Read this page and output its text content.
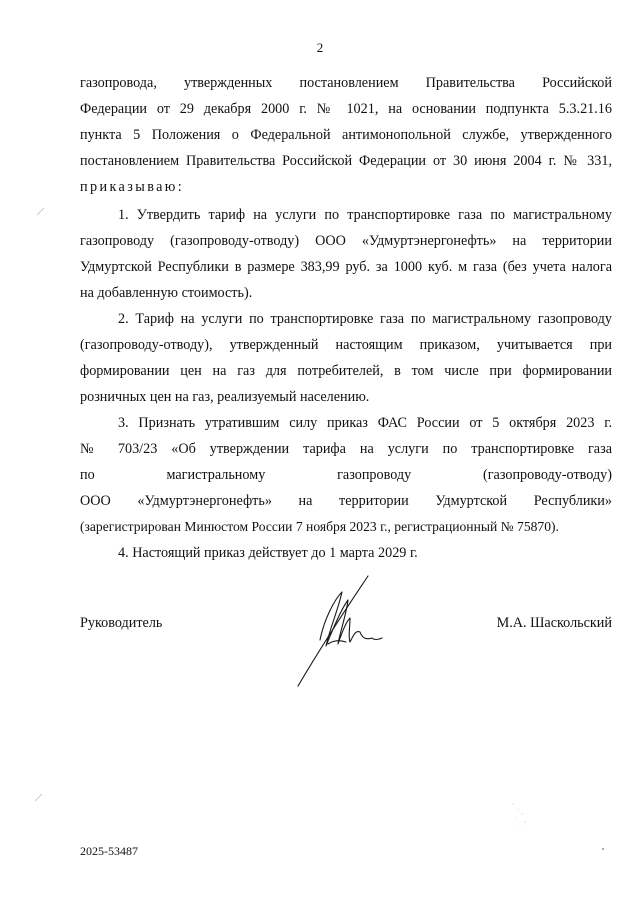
2
газопровода, утвержденных постановлением Правительства Российской
Федерации от 29 декабря 2000 г. № 1021, на основании подпункта 5.3.21.16
пункта 5 Положения о Федеральной антимонопольной службе, утвержденного
постановлением Правительства Российской Федерации от 30 июня 2004 г. № 331,
приказываю:
1. Утвердить тариф на услуги по транспортировке газа по магистральному
газопроводу (газопроводу-отводу) ООО «Удмуртэнергонефть» на территории
Удмуртской Республики в размере 383,99 руб. за 1000 куб. м газа (без учета налога
на добавленную стоимость).
2. Тариф на услуги по транспортировке газа по магистральному газопроводу
(газопроводу-отводу), утвержденный настоящим приказом, учитывается при
формировании цен на газ для потребителей, в том числе при формировании
розничных цен на газ, реализуемый населению.
3. Признать утратившим силу приказ ФАС России от 5 октября 2023 г.
№ 703/23 «Об утверждении тарифа на услуги по транспортировке газа
по магистральному газопроводу (газопроводу-отводу)
ООО «Удмуртэнергонефть» на территории Удмуртской Республики»
(зарегистрирован Минюстом России 7 ноября 2023 г., регистрационный № 75870).
4. Настоящий приказ действует до 1 марта 2029 г.
Руководитель	М.А. Шаскольский
2025-53487
